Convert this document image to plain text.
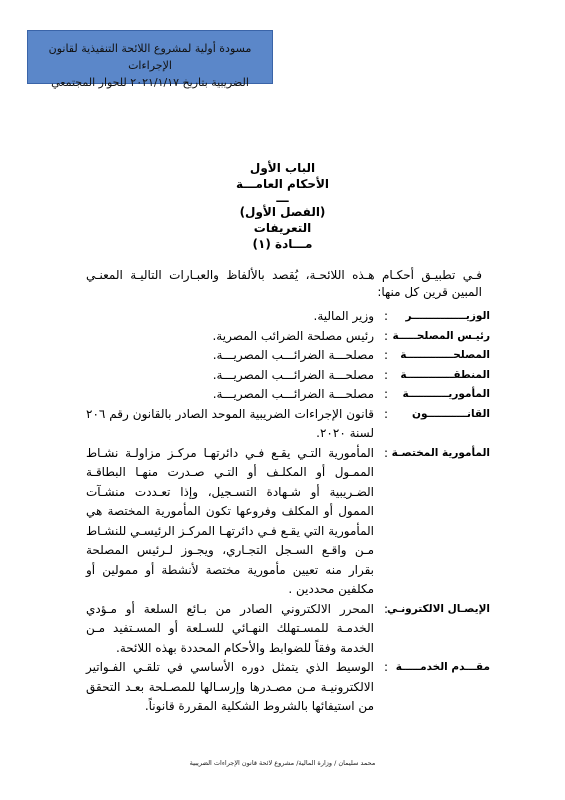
مسودة أولية لمشروع اللائحة التنفيذية لقانون الإجراءات
الضريبية بتاريخ ٢٠٢١/١/١٧ للحوار المجتمعي
الباب الأول
الأحكام العامـــة
ـــ
(الفصل الأول)
التعريفات
مـــادة (١)
فـي تطبيـق أحكـام هـذه اللائحـة، يُقصد بالألفاظ والعبـارات التاليـة المعنـي المبين قرين كل منها:
الوزيـــــــــــــــر
:
وزير المالية.
رئيـس المصلحـــــة
:
رئيس مصلحة الضرائب المصرية.
المصلحـــــــــــــة
:
مصلحـــة الضرائـــب المصريـــة.
المنطقـــــــــــــة
:
مصلحـــة الضرائـــب المصريـــة.
المأموريـــــــــــة
:
مصلحـــة الضرائـــب المصريـــة.
القانـــــــــــون
:
قانون الإجراءات الضريبية الموحد الصادر بالقانون رقم ٢٠٦ لسنة ٢٠٢٠.
المأمورية المختصـة
:
المأمورية التـي يقـع فـي دائرتهـا مركـز مزاولـة نشـاط الممـول أو المكلـف أو التـي صـدرت منهـا البطاقـة الضـريبية أو شـهادة التسـجيل، وإذا تعـددت منشـآت الممول أو المكلف وفروعها تكون المأمورية المختصة هي المأمورية التي يقـع فـي دائرتهـا المركـز الرئيسـي للنشـاط مـن واقـع السـجل التجـاري، ويجـوز لـرئيس المصلحة بقرار منه تعيين مأمورية مختصة لأنشطة أو ممولين أو مكلفين محددين .
الإيصـال الالكترونـي
:
المحرر الالكتروني الصادر من بـائع السلعة أو مـؤدي الخدمـة للمسـتهلك النهـائي للسـلعة أو المسـتفيد مـن الخدمة وفقاً للضوابط والأحكام المحددة بهذه اللائحة.
مقـــدم الخدمـــــة
:
الوسيط الذي يتمثل دوره الأساسي في تلقـي الفـواتير الالكترونيـة مـن مصـدرها وإرسـالها للمصـلحة بعـد التحقق من استيفائها بالشروط الشكلية المقررة قانوناً.
محمد سليمان / وزارة المالية/ مشروع لائحة قانون الإجراءات الضريبية
